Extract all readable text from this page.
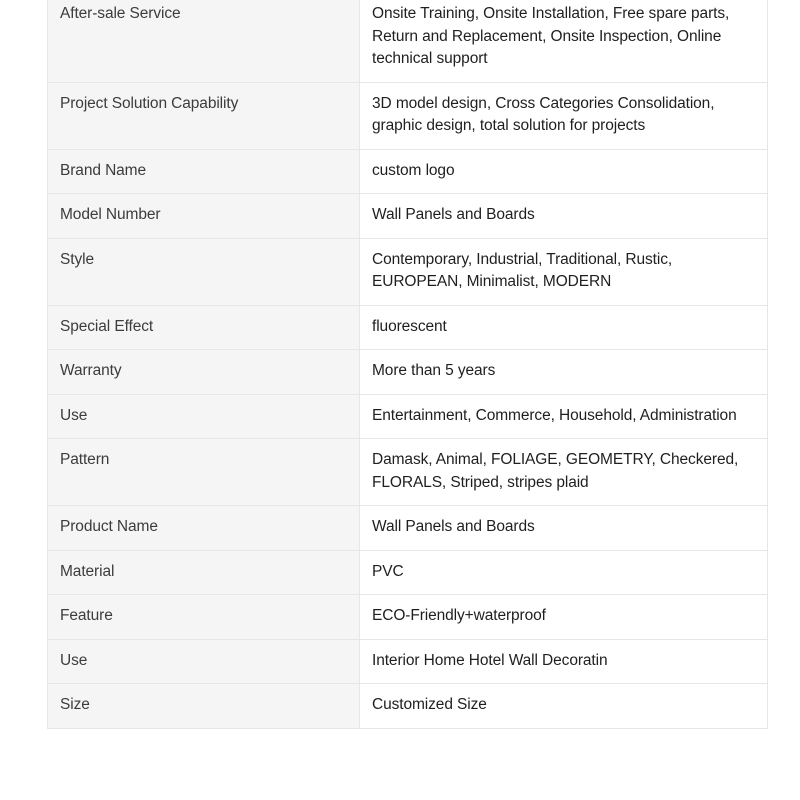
After-sale Service	Onsite Training, Onsite Installation, Free spare parts, Return and Replacement, Onsite Inspection, Online technical support
Project Solution Capability	3D model design, Cross Categories Consolidation, graphic design, total solution for projects
Brand Name	custom logo
Model Number	Wall Panels and Boards
Style	Contemporary, Industrial, Traditional, Rustic, EUROPEAN, Minimalist, MODERN
Special Effect	fluorescent
Warranty	More than 5 years
Use	Entertainment, Commerce, Household, Administration
Pattern	Damask, Animal, FOLIAGE, GEOMETRY, Checkered, FLORALS, Striped, stripes plaid
Product Name	Wall Panels and Boards
Material	PVC
Feature	ECO-Friendly+waterproof
Use	Interior Home Hotel Wall Decoratin
Size	Customized Size
